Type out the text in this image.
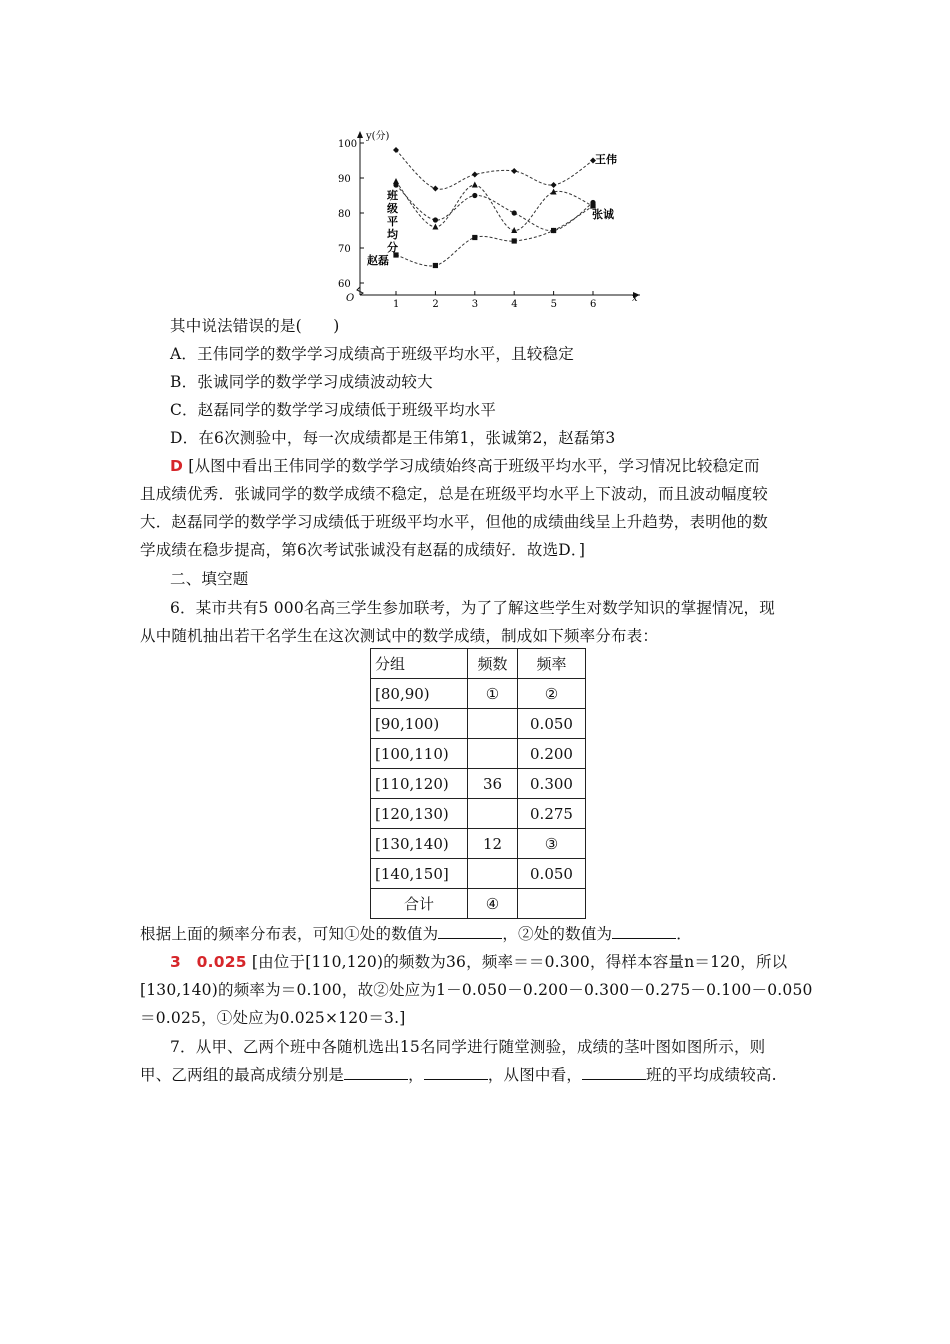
60
70
80
90
100
1	2	3	4	5	6
y(分)
x
O
王伟
张诚
赵磊
班
级
平
均
分
其中说法错误的是(　　)
A．王伟同学的数学学习成绩高于班级平均水平，且较稳定
B．张诚同学的数学学习成绩波动较大
C．赵磊同学的数学学习成绩低于班级平均水平
D．在6次测验中，每一次成绩都是王伟第1，张诚第2，赵磊第3
D [从图中看出王伟同学的数学学习成绩始终高于班级平均水平，学习情况比较稳定而
且成绩优秀．张诚同学的数学成绩不稳定，总是在班级平均水平上下波动，而且波动幅度较
大．赵磊同学的数学学习成绩低于班级平均水平，但他的成绩曲线呈上升趋势，表明他的数
学成绩在稳步提高，第6次考试张诚没有赵磊的成绩好．故选D．]
二、填空题
6．某市共有5 000名高三学生参加联考，为了了解这些学生对数学知识的掌握情况，现
从中随机抽出若干名学生在这次测试中的数学成绩，制成如下频率分布表：
分组	频数	频率
[80,90)	①	②
[90,100)		0.050
[100,110)		0.200
[110,120)	36	0.300
[120,130)		0.275
[130,140)	12	③
[140,150]		0.050
合计	④	
根据上面的频率分布表，可知①处的数值为	，②处的数值为	．
3　0.025 [由位于[110,120)的频数为36，频率＝＝0.300，得样本容量n＝120，所以
[130,140)的频率为＝0.100，故②处应为1－0.050－0.200－0.300－0.275－0.100－0.050
＝0.025，①处应为0.025×120＝3.]
7．从甲、乙两个班中各随机选出15名同学进行随堂测验，成绩的茎叶图如图所示，则
甲、乙两组的最高成绩分别是	，	，从图中看，	班的平均成绩较高.
